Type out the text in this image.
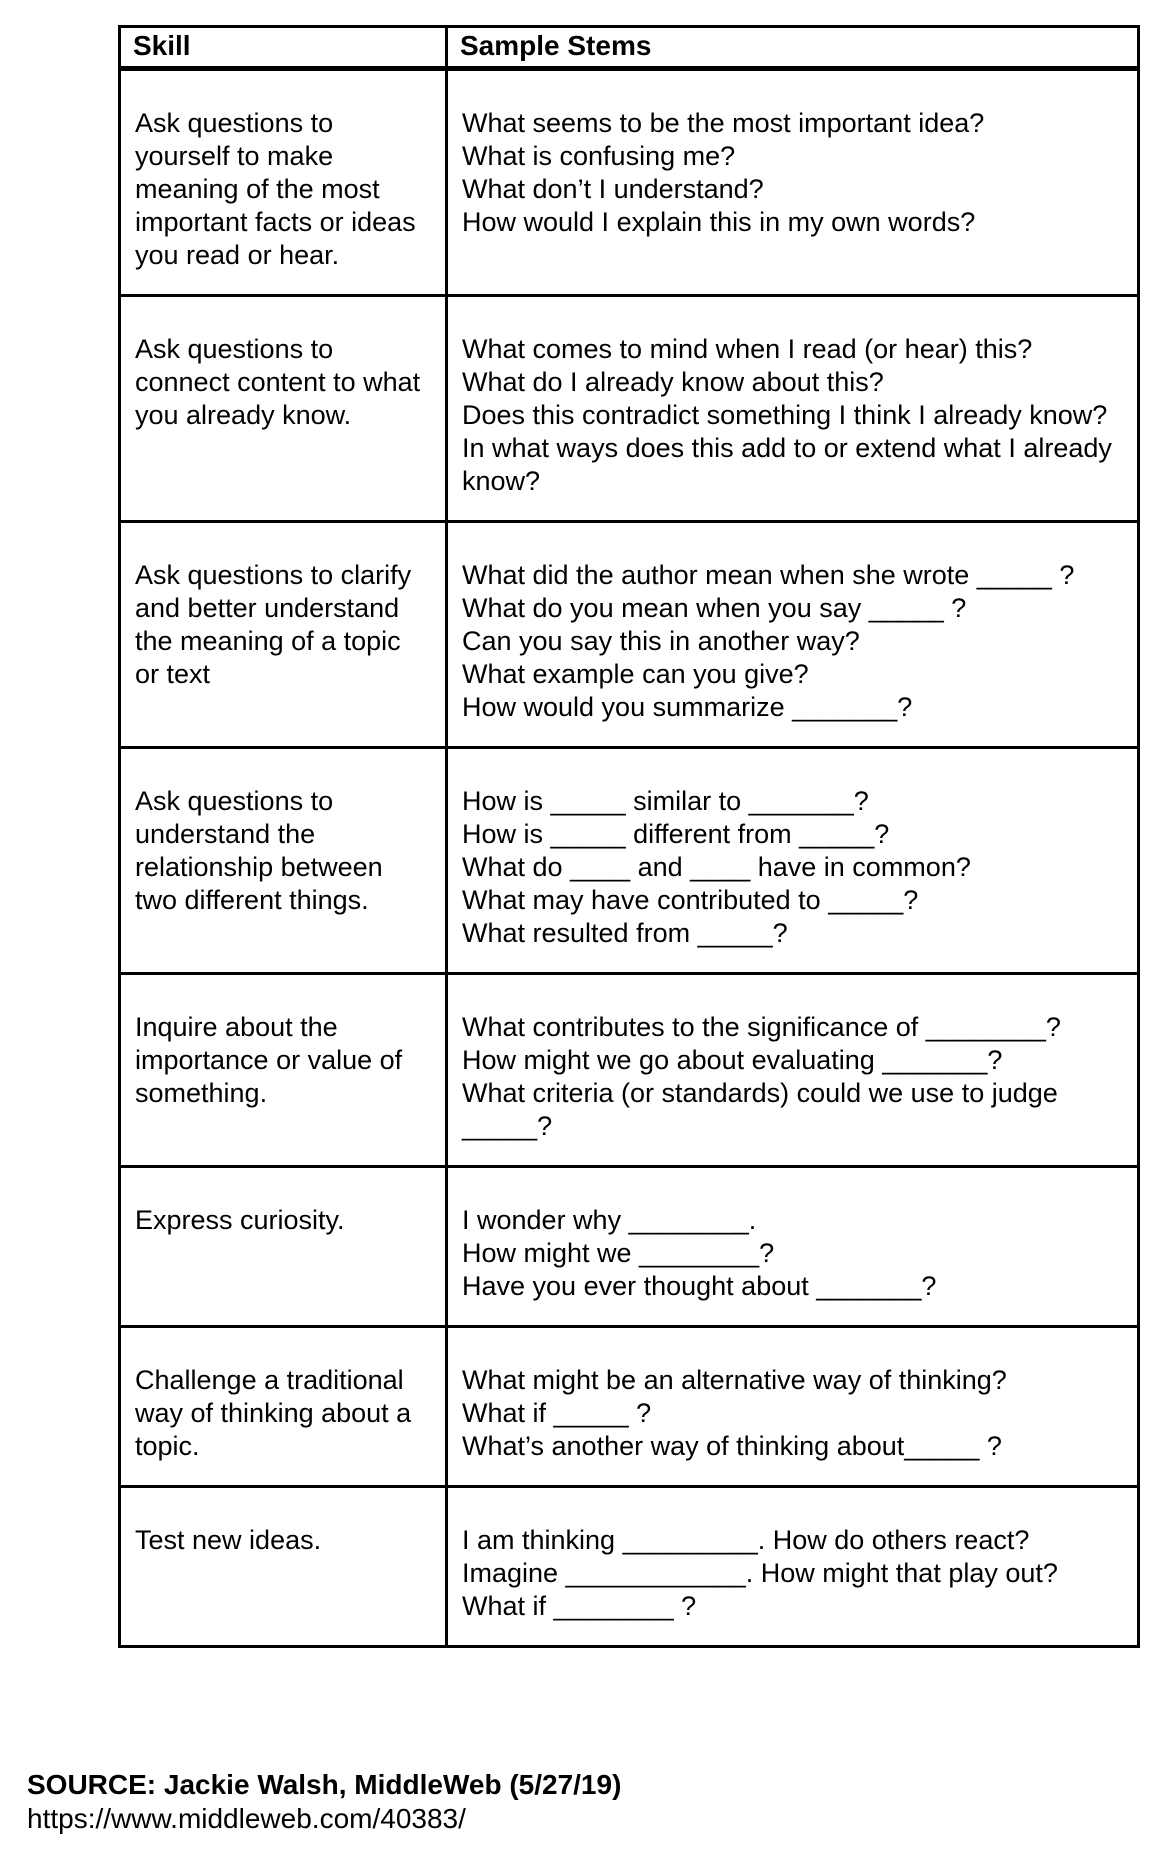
Skill	Sample Stems
Ask questions to yourself to make meaning of the most important facts or ideas you read or hear.	What seems to be the most important idea?
What is confusing me?
What don’t I understand?
How would I explain this in my own words?

Ask questions to connect content to what you already know.	What comes to mind when I read (or hear) this?
What do I already know about this?
Does this contradict something I think I already know?
In what ways does this add to or extend what I already know?

Ask questions to clarify and better understand the meaning of a topic or text	What did the author mean when she wrote _____ ?
What do you mean when you say _____ ?
Can you say this in another way?
What example can you give?
How would you summarize _______?

Ask questions to understand the relationship between two different things.	How is _____ similar to _______?
How is _____ different from _____?
What do ____ and ____ have in common?
What may have contributed to _____?
What resulted from _____?

Inquire about the importance or value of something.	What contributes to the significance of ________?
How might we go about evaluating _______?
What criteria (or standards) could we use to judge _____?

Express curiosity.	I wonder why ________.
How might we ________?
Have you ever thought about _______?

Challenge a traditional way of thinking about a topic.	What might be an alternative way of thinking?
What if _____ ?
What’s another way of thinking about_____ ?

Test new ideas.	I am thinking _________. How do others react?
Imagine ____________. How might that play out?
What if ________ ?
SOURCE: Jackie Walsh, MiddleWeb (5/27/19)
https://www.middleweb.com/40383/
